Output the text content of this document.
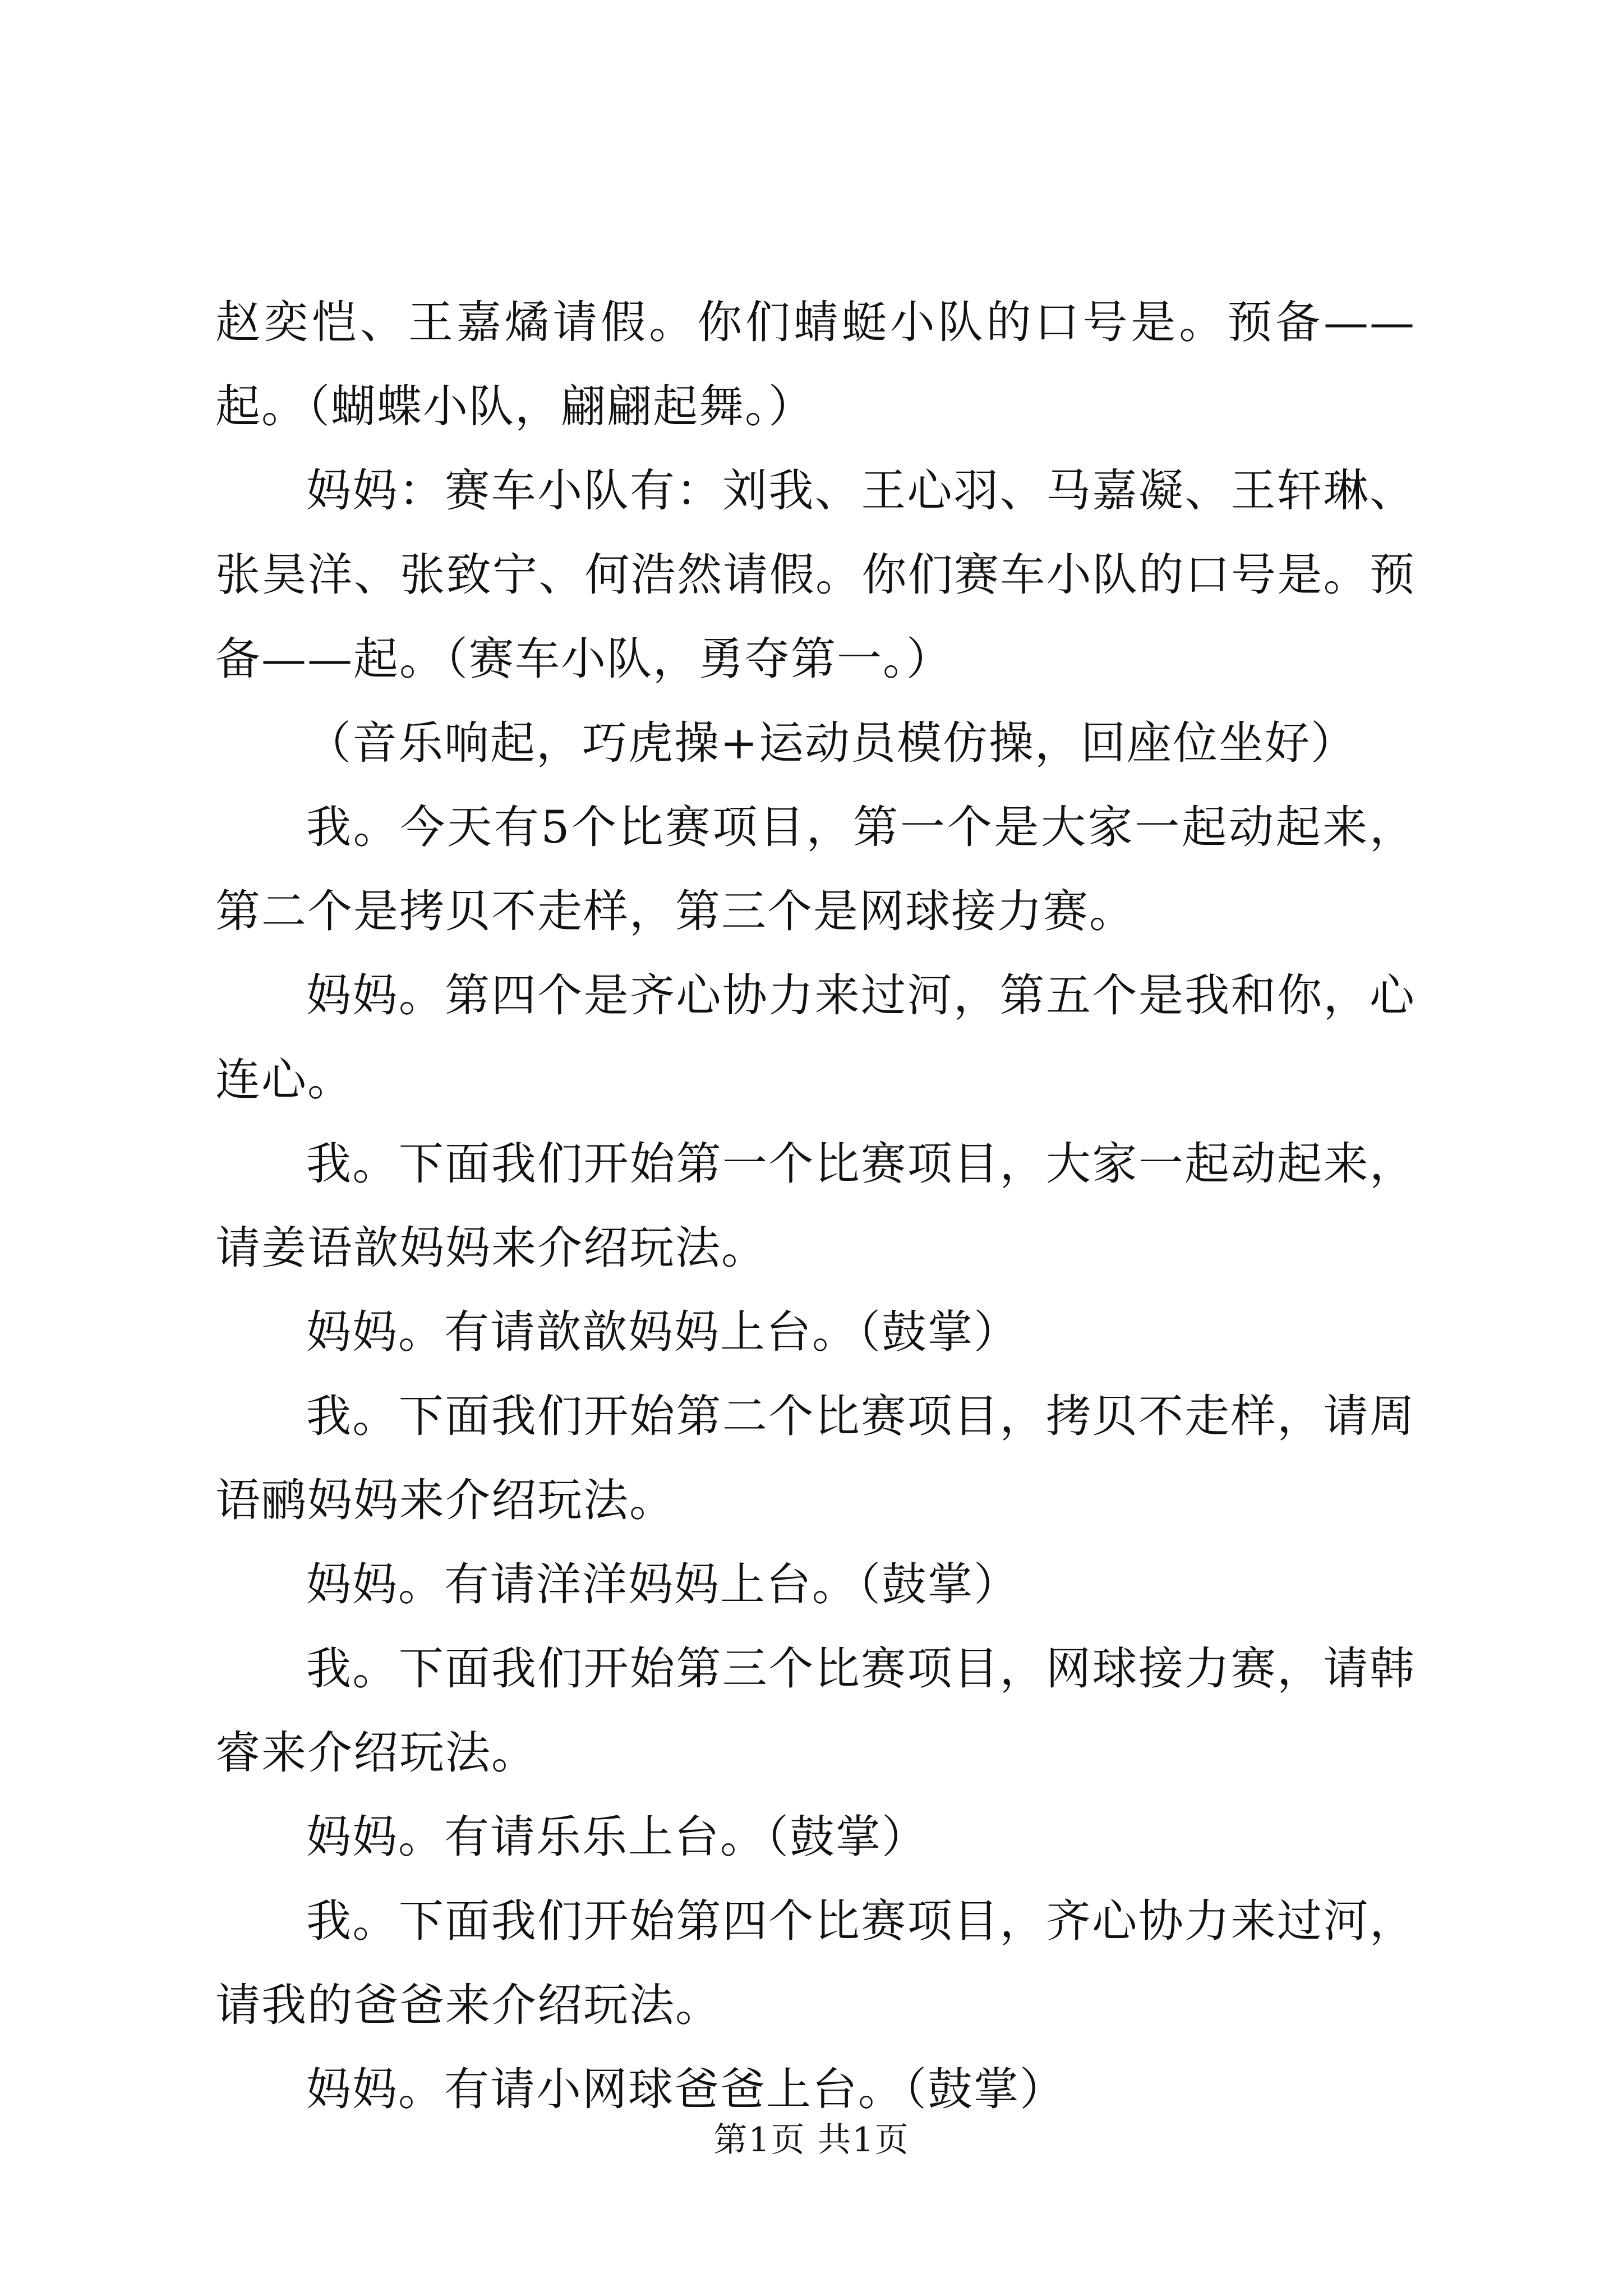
赵奕恺、王嘉燏请假。你们蜻蜓小队的口号是。预备——起。（蝴蝶小队，翩翩起舞。）

妈妈：赛车小队有：刘我、王心羽、马嘉凝、王轩琳、张昊洋、张致宁、何浩然请假。你们赛车小队的口号是。预备——起。（赛车小队，勇夺第一。）

（音乐响起，巧虎操+运动员模仿操，回座位坐好）

我。今天有5个比赛项目，第一个是大家一起动起来，第二个是拷贝不走样，第三个是网球接力赛。

妈妈。第四个是齐心协力来过河，第五个是我和你，心连心。

我。下面我们开始第一个比赛项目，大家一起动起来，请姜语歆妈妈来介绍玩法。

妈妈。有请歆歆妈妈上台。（鼓掌）

我。下面我们开始第二个比赛项目，拷贝不走样，请周语鹂妈妈来介绍玩法。

妈妈。有请洋洋妈妈上台。（鼓掌）

我。下面我们开始第三个比赛项目，网球接力赛，请韩睿来介绍玩法。

妈妈。有请乐乐上台。（鼓掌）

我。下面我们开始第四个比赛项目，齐心协力来过河，请我的爸爸来介绍玩法。

妈妈。有请小网球爸爸上台。（鼓掌）

第1页 共1页
